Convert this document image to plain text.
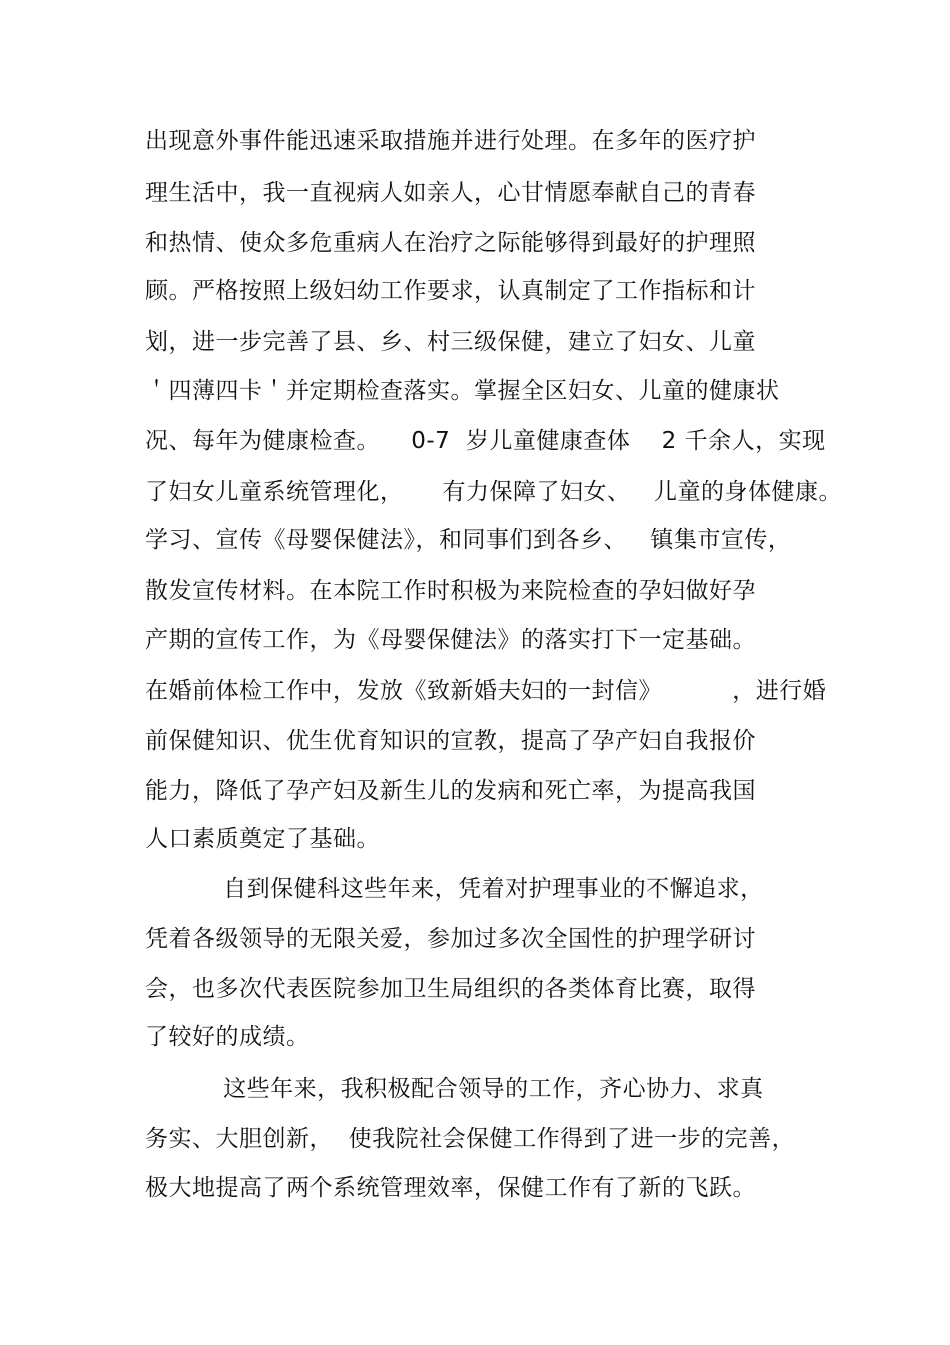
出现意外事件能迅速采取措施并进行处理。在多年的医疗护
理生活中，我一直视病人如亲人，心甘情愿奉献自己的青春
和热情、使众多危重病人在治疗之际能够得到最好的护理照
顾。严格按照上级妇幼工作要求，认真制定了工作指标和计
划，进一步完善了县、乡、村三级保健，建立了妇女、儿童
＇四薄四卡＇并定期检查落实。掌握全区妇女、儿童的健康状
况、每年为健康检查。    0-7  岁儿童健康查体    2 千余人，实现
了妇女儿童系统管理化，     有力保障了妇女、   儿童的身体健康。
学习、宣传《母婴保健法》，和同事们到各乡、   镇集市宣传，
散发宣传材料。在本院工作时积极为来院检查的孕妇做好孕
产期的宣传工作，为《母婴保健法》的落实打下一定基础。
在婚前体检工作中，发放《致新婚夫妇的一封信》         ，进行婚
前保健知识、优生优育知识的宣教，提高了孕产妇自我报价
能力，降低了孕产妇及新生儿的发病和死亡率，为提高我国
人口素质奠定了基础。
自到保健科这些年来，凭着对护理事业的不懈追求，
凭着各级领导的无限关爱，参加过多次全国性的护理学研讨
会，也多次代表医院参加卫生局组织的各类体育比赛，取得
了较好的成绩。
这些年来，我积极配合领导的工作，齐心协力、求真
务实、大胆创新，  使我院社会保健工作得到了进一步的完善，
极大地提高了两个系统管理效率，保健工作有了新的飞跃。
